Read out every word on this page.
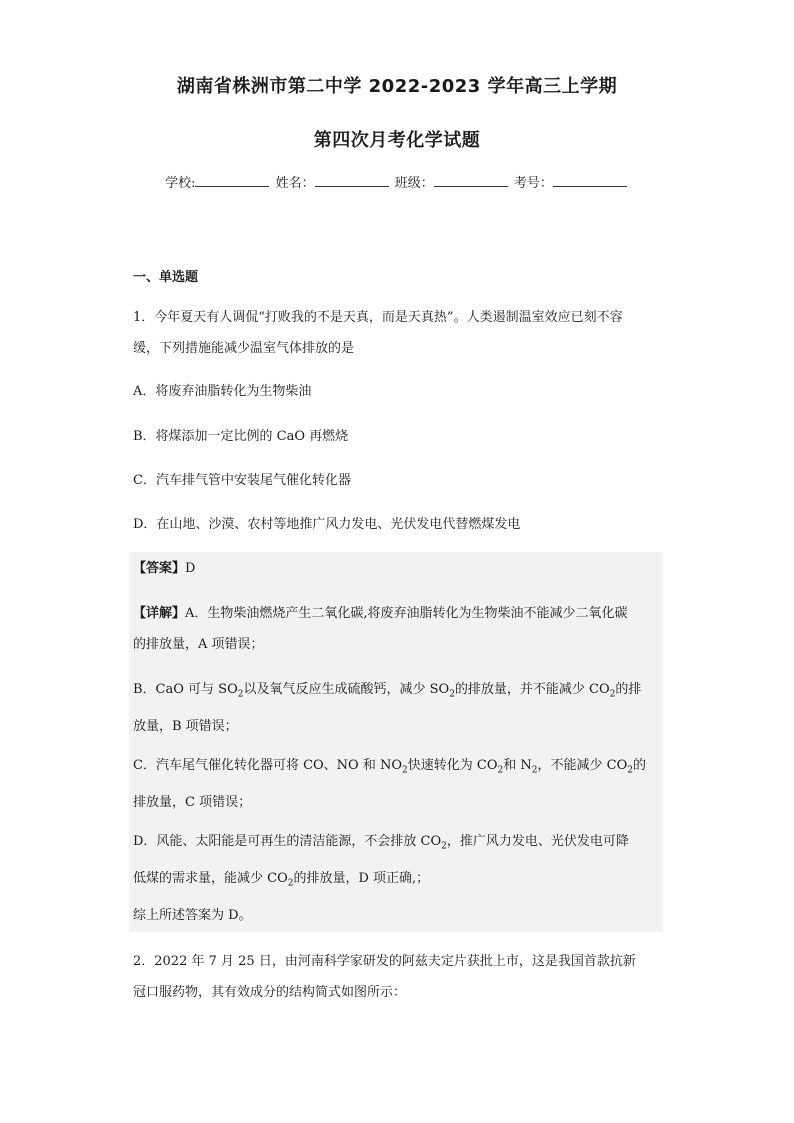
湖南省株洲市第二中学 2022-2023 学年高三上学期
第四次月考化学试题
学校:	姓名：	班级：	考号：
一、单选题
1．今年夏天有人调侃“打败我的不是天真，而是天真热”。人类遏制温室效应已刻不容
缓，下列措施能减少温室气体排放的是
A．将废弃油脂转化为生物柴油
B．将煤添加一定比例的 CaO 再燃烧
C．汽车排气管中安装尾气催化转化器
D．在山地、沙漠、农村等地推广风力发电、光伏发电代替燃煤发电
【答案】D
【详解】A．生物柴油燃烧产生二氧化碳,将废弃油脂转化为生物柴油不能减少二氧化碳
的排放量，A 项错误；
B．CaO 可与 $SO_2$以及氧气反应生成硫酸钙，减少 $SO_2$的排放量，并不能减少 $CO_2$的排
放量，B 项错误；
C．汽车尾气催化转化器可将 CO、NO 和 $NO_2$快速转化为 $CO_2$和 $N_2$，不能减少 $CO_2$的
排放量，C 项错误；
D．风能、太阳能是可再生的清洁能源，不会排放 $CO_2$，推广风力发电、光伏发电可降
低煤的需求量，能减少 $CO_2$的排放量，D 项正确,；
综上所述答案为 D。
2．2022 年 7 月 25 日，由河南科学家研发的阿兹夫定片获批上市，这是我国首款抗新
冠口服药物，其有效成分的结构简式如图所示：
